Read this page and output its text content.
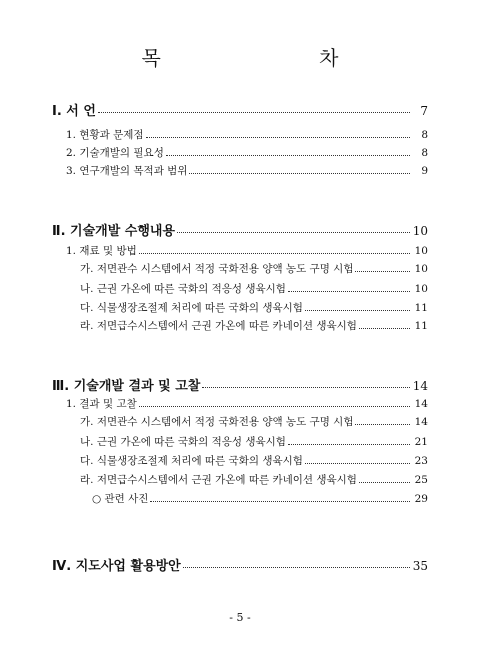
목 차
Ⅰ. 서 언	7
1. 현황과 문제점	8
2. 기술개발의 필요성	8
3. 연구개발의 목적과 범위	9
Ⅱ. 기술개발 수행내용	10
1. 재료 및 방법	10
가. 저면관수 시스템에서 적정 국화전용 양액 농도 구명 시험	10
나. 근권 가온에 따른 국화의 적응성 생육시험	10
다. 식물생장조절제 처리에 따른 국화의 생육시험	11
라. 저면급수시스템에서 근권 가온에 따른 카네이션 생육시험	11
Ⅲ. 기술개발 결과 및 고찰	14
1. 결과 및 고찰	14
가. 저면관수 시스템에서 적정 국화전용 양액 농도 구명 시험	14
나. 근권 가온에 따른 국화의 적응성 생육시험	21
다. 식물생장조절제 처리에 따른 국화의 생육시험	23
라. 저면급수시스템에서 근권 가온에 따른 카네이션 생육시험	25
○ 관련 사진	29
Ⅳ. 지도사업 활용방안	35
- 5 -
